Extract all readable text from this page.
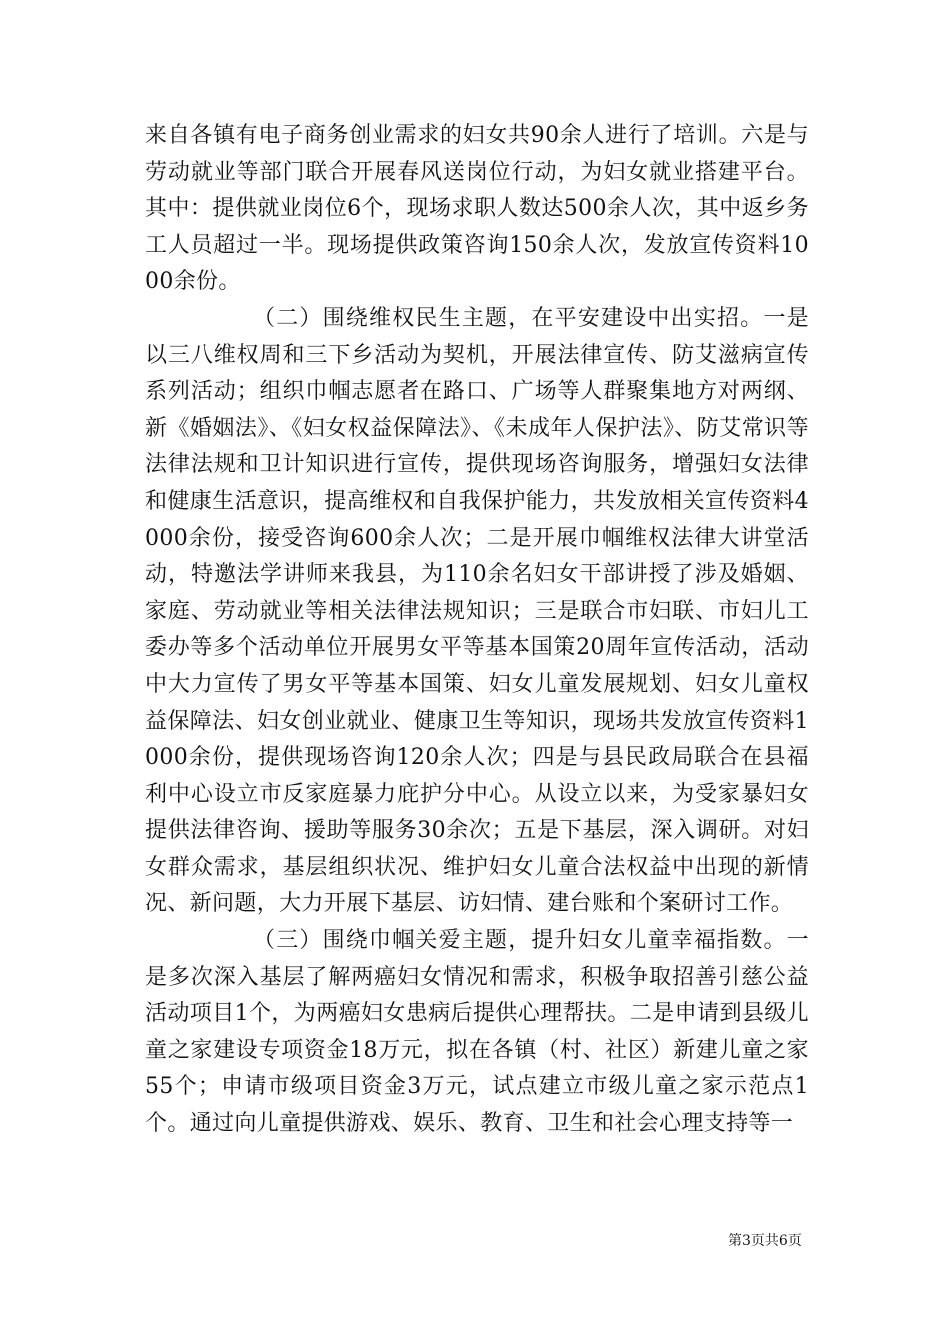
来自各镇有电子商务创业需求的妇女共90余人进行了培训。六是与劳动就业等部门联合开展春风送岗位行动，为妇女就业搭建平台。其中：提供就业岗位6个，现场求职人数达500余人次，其中返乡务工人员超过一半。现场提供政策咨询150余人次，发放宣传资料1000余份。

（二）围绕维权民生主题，在平安建设中出实招。一是以三八维权周和三下乡活动为契机，开展法律宣传、防艾滋病宣传系列活动；组织巾帼志愿者在路口、广场等人群聚集地方对两纲、新《婚姻法》、《妇女权益保障法》、《未成年人保护法》、防艾常识等法律法规和卫计知识进行宣传，提供现场咨询服务，增强妇女法律和健康生活意识，提高维权和自我保护能力，共发放相关宣传资料4000余份，接受咨询600余人次；二是开展巾帼维权法律大讲堂活动，特邀法学讲师来我县，为110余名妇女干部讲授了涉及婚姻、家庭、劳动就业等相关法律法规知识；三是联合市妇联、市妇儿工委办等多个活动单位开展男女平等基本国策20周年宣传活动，活动中大力宣传了男女平等基本国策、妇女儿童发展规划、妇女儿童权益保障法、妇女创业就业、健康卫生等知识，现场共发放宣传资料1000余份，提供现场咨询120余人次；四是与县民政局联合在县福利中心设立市反家庭暴力庇护分中心。从设立以来，为受家暴妇女提供法律咨询、援助等服务30余次；五是下基层，深入调研。对妇女群众需求，基层组织状况、维护妇女儿童合法权益中出现的新情况、新问题，大力开展下基层、访妇情、建台账和个案研讨工作。

（三）围绕巾帼关爱主题，提升妇女儿童幸福指数。一是多次深入基层了解两癌妇女情况和需求，积极争取招善引慈公益活动项目1个，为两癌妇女患病后提供心理帮扶。二是申请到县级儿童之家建设专项资金18万元，拟在各镇（村、社区）新建儿童之家55个；申请市级项目资金3万元，试点建立市级儿童之家示范点1个。通过向儿童提供游戏、娱乐、教育、卫生和社会心理支持等一

第3页共6页
